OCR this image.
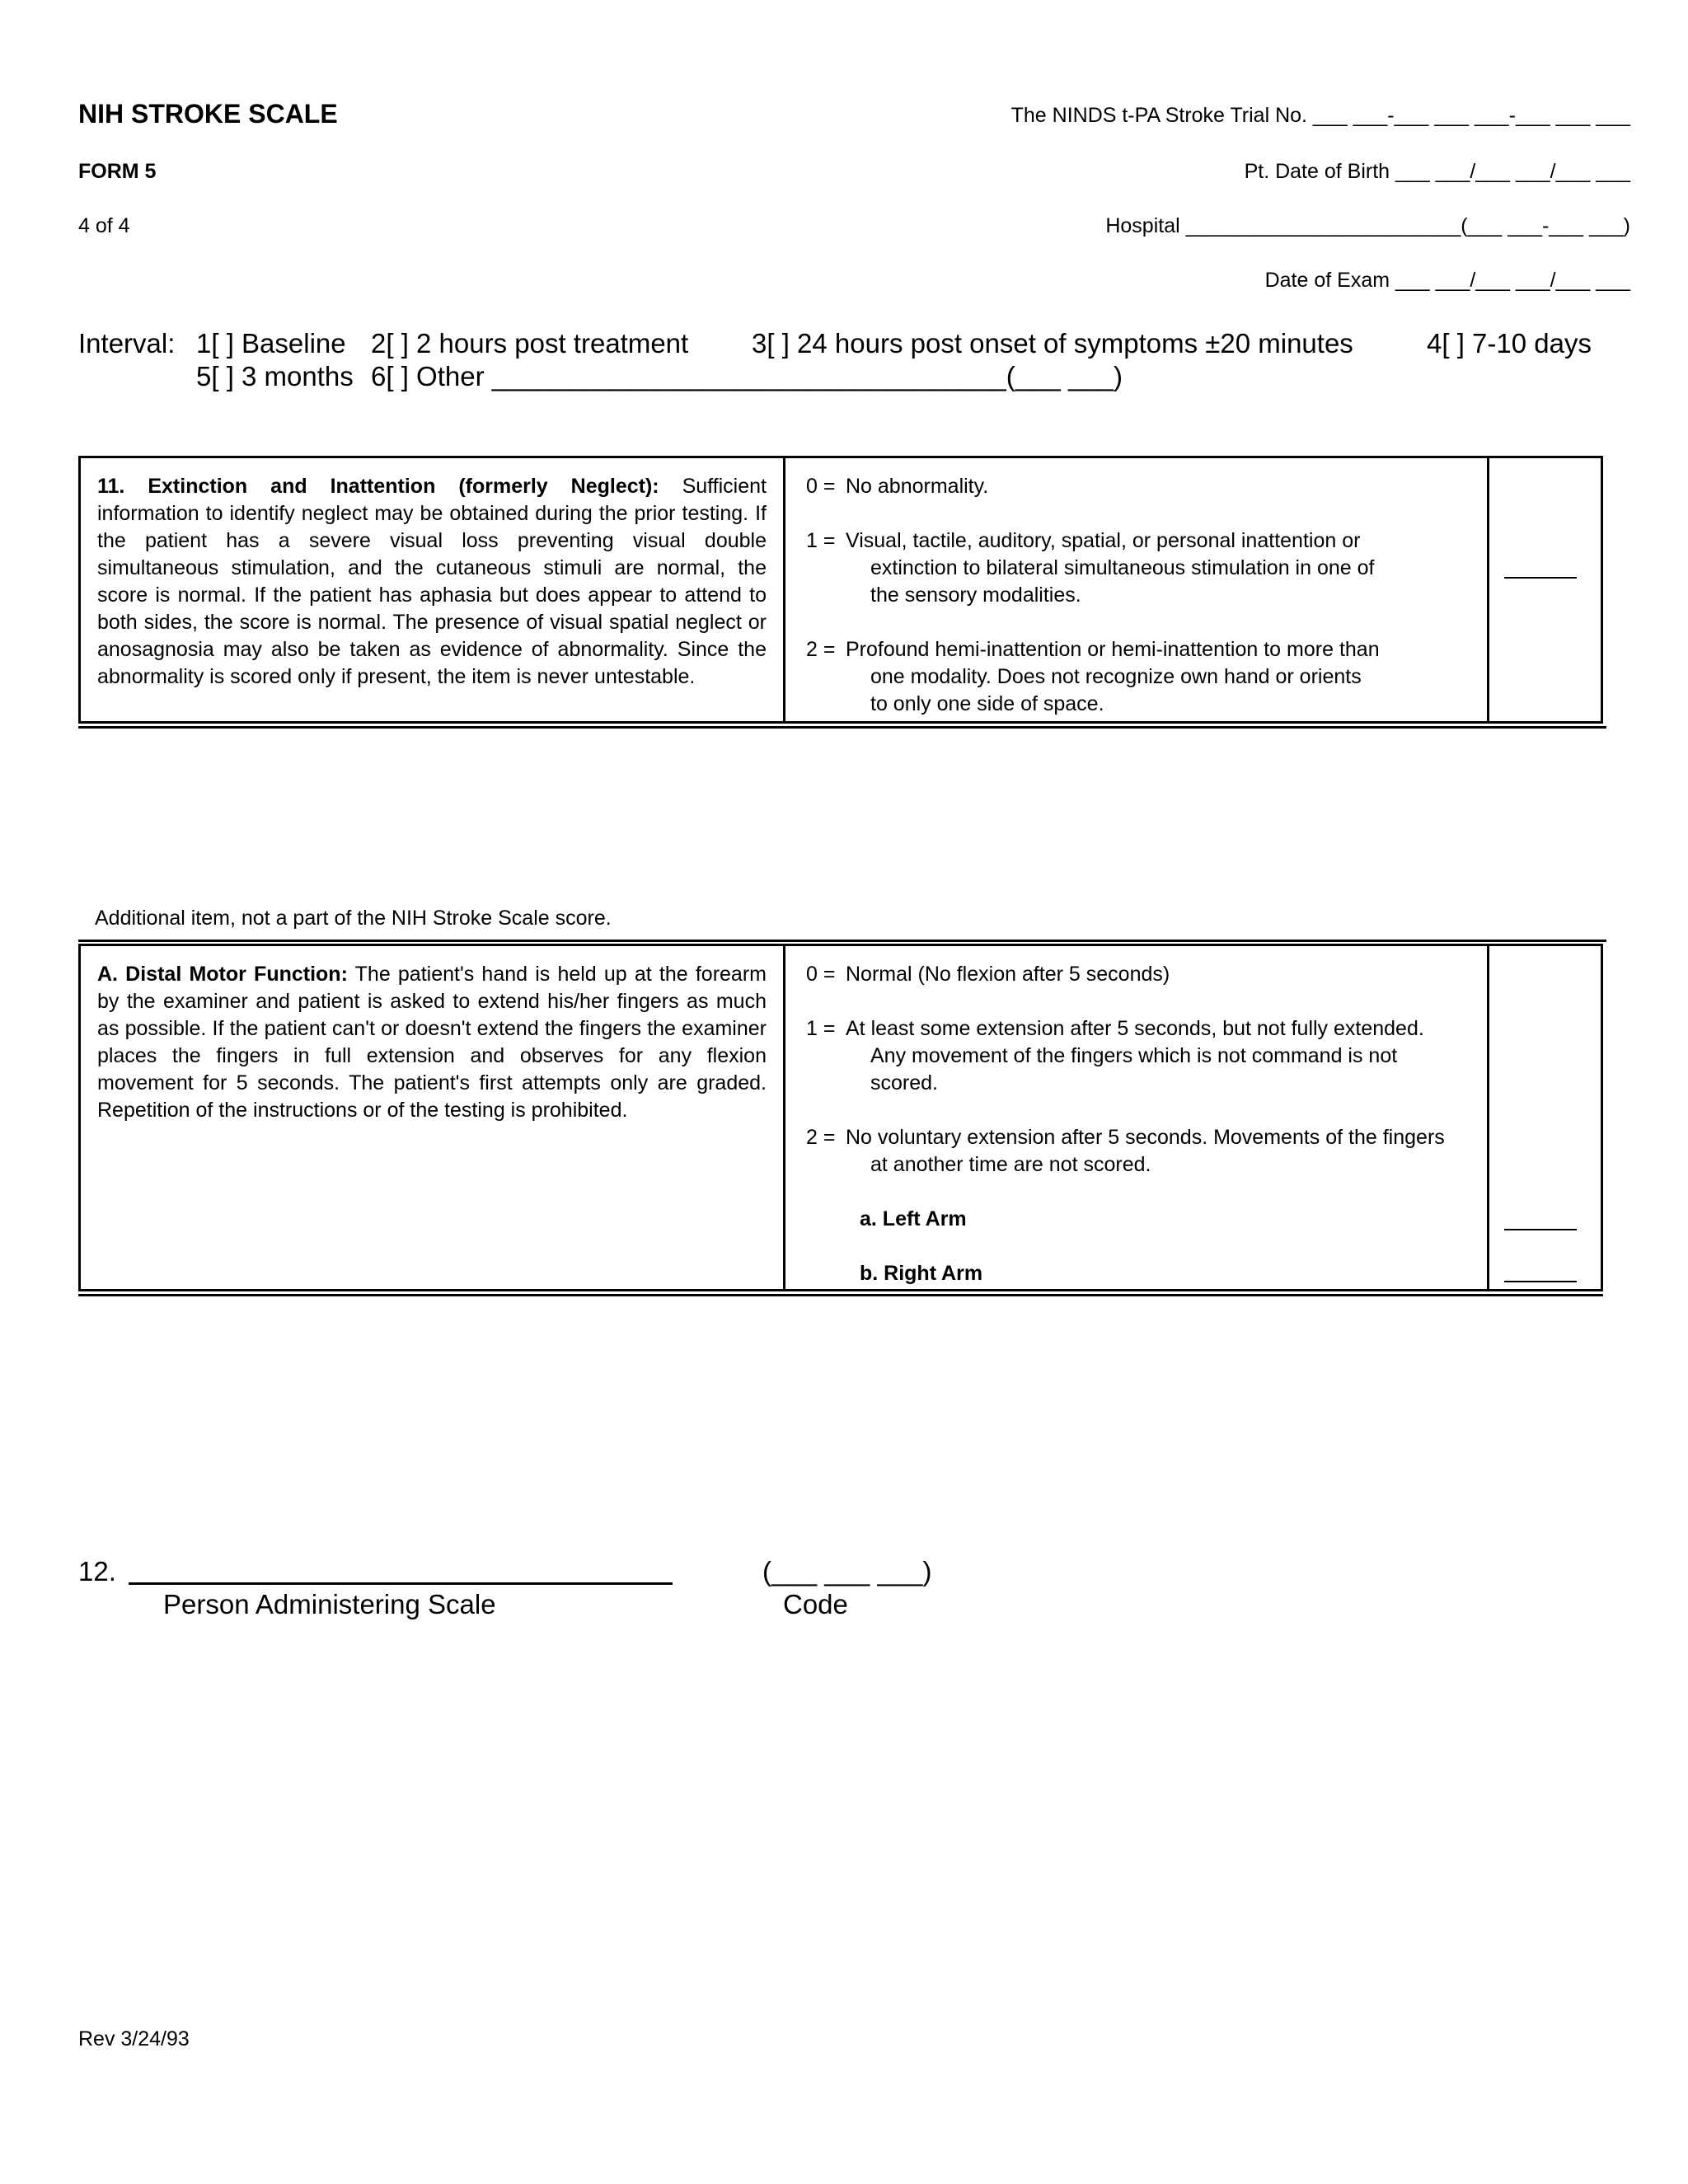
NIH STROKE SCALE
FORM 5
4 of 4
The NINDS t-PA Stroke Trial No. ___ ___-___ ___ ___-___ ___ ___
Pt. Date of Birth ___ ___/___ ___/___ ___
Hospital ________________________(___ ___-___ ___)
Date of Exam ___ ___/___ ___/___ ___
Interval: 1[ ] Baseline 2[ ] 2 hours post treatment 3[ ] 24 hours post onset of symptoms ±20 minutes	4[ ] 7-10 days
5[ ] 3 months 6[ ] Other __________________________________(___ ___)
11. Extinction and Inattention (formerly Neglect): Sufficient information to identify neglect may be obtained during the prior testing. If the patient has a severe visual loss preventing visual double simultaneous stimulation, and the cutaneous stimuli are normal, the score is normal. If the patient has aphasia but does appear to attend to both sides, the score is normal. The presence of visual spatial neglect or anosagnosia may also be taken as evidence of abnormality. Since the abnormality is scored only if present, the item is never untestable.
0 = No abnormality.
1 = Visual, tactile, auditory, spatial, or personal inattention or
extinction to bilateral simultaneous stimulation in one of
the sensory modalities.
2 = Profound hemi-inattention or hemi-inattention to more than
one modality. Does not recognize own hand or orients
to only one side of space.
Additional item, not a part of the NIH Stroke Scale score.
A. Distal Motor Function: The patient's hand is held up at the forearm by the examiner and patient is asked to extend his/her fingers as much as possible. If the patient can't or doesn't extend the fingers the examiner places the fingers in full extension and observes for any flexion movement for 5 seconds. The patient's first attempts only are graded. Repetition of the instructions or of the testing is prohibited.
0 = Normal (No flexion after 5 seconds)
1 = At least some extension after 5 seconds, but not fully extended.
Any movement of the fingers which is not command is not
scored.
2 = No voluntary extension after 5 seconds. Movements of the fingers
at another time are not scored.
a. Left Arm
b. Right Arm
12.
Person Administering Scale
(___ ___ ___)
Code
Rev 3/24/93
